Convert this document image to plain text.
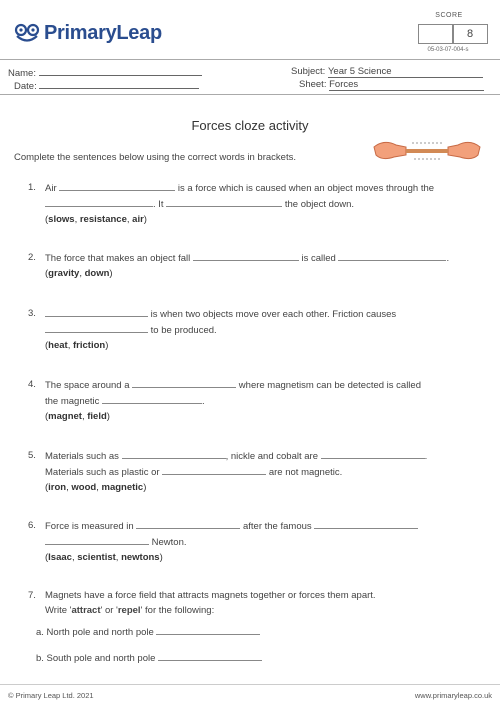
PrimaryLeap
SCORE
8
05-03-07-004-s
Name:
Date:
Subject: Year 5 Science
Sheet: Forces
Forces cloze activity
Complete the sentences below using the correct words in brackets.
1. Air	is a force which is caused when an object moves through the
. It	the object down.
(slows, resistance, air)
2. The force that makes an object fall	is called	.
(gravity, down)
3.	is when two objects move over each other. Friction causes
to be produced.
(heat, friction)
4. The space around a	where magnetism can be detected is called
the magnetic	.
(magnet, field)
5. Materials such as	, nickle and cobalt are	.
Materials such as plastic or	are not magnetic.
(iron, wood, magnetic)
6. Force is measured in	after the famous
Newton.
(Isaac, scientist, newtons)
7. Magnets have a force field that attracts magnets together or forces them apart.
Write 'attract' or 'repel' for the following:
a. North pole and north pole
b. South pole and north pole
© Primary Leap Ltd. 2021	www.primaryleap.co.uk
